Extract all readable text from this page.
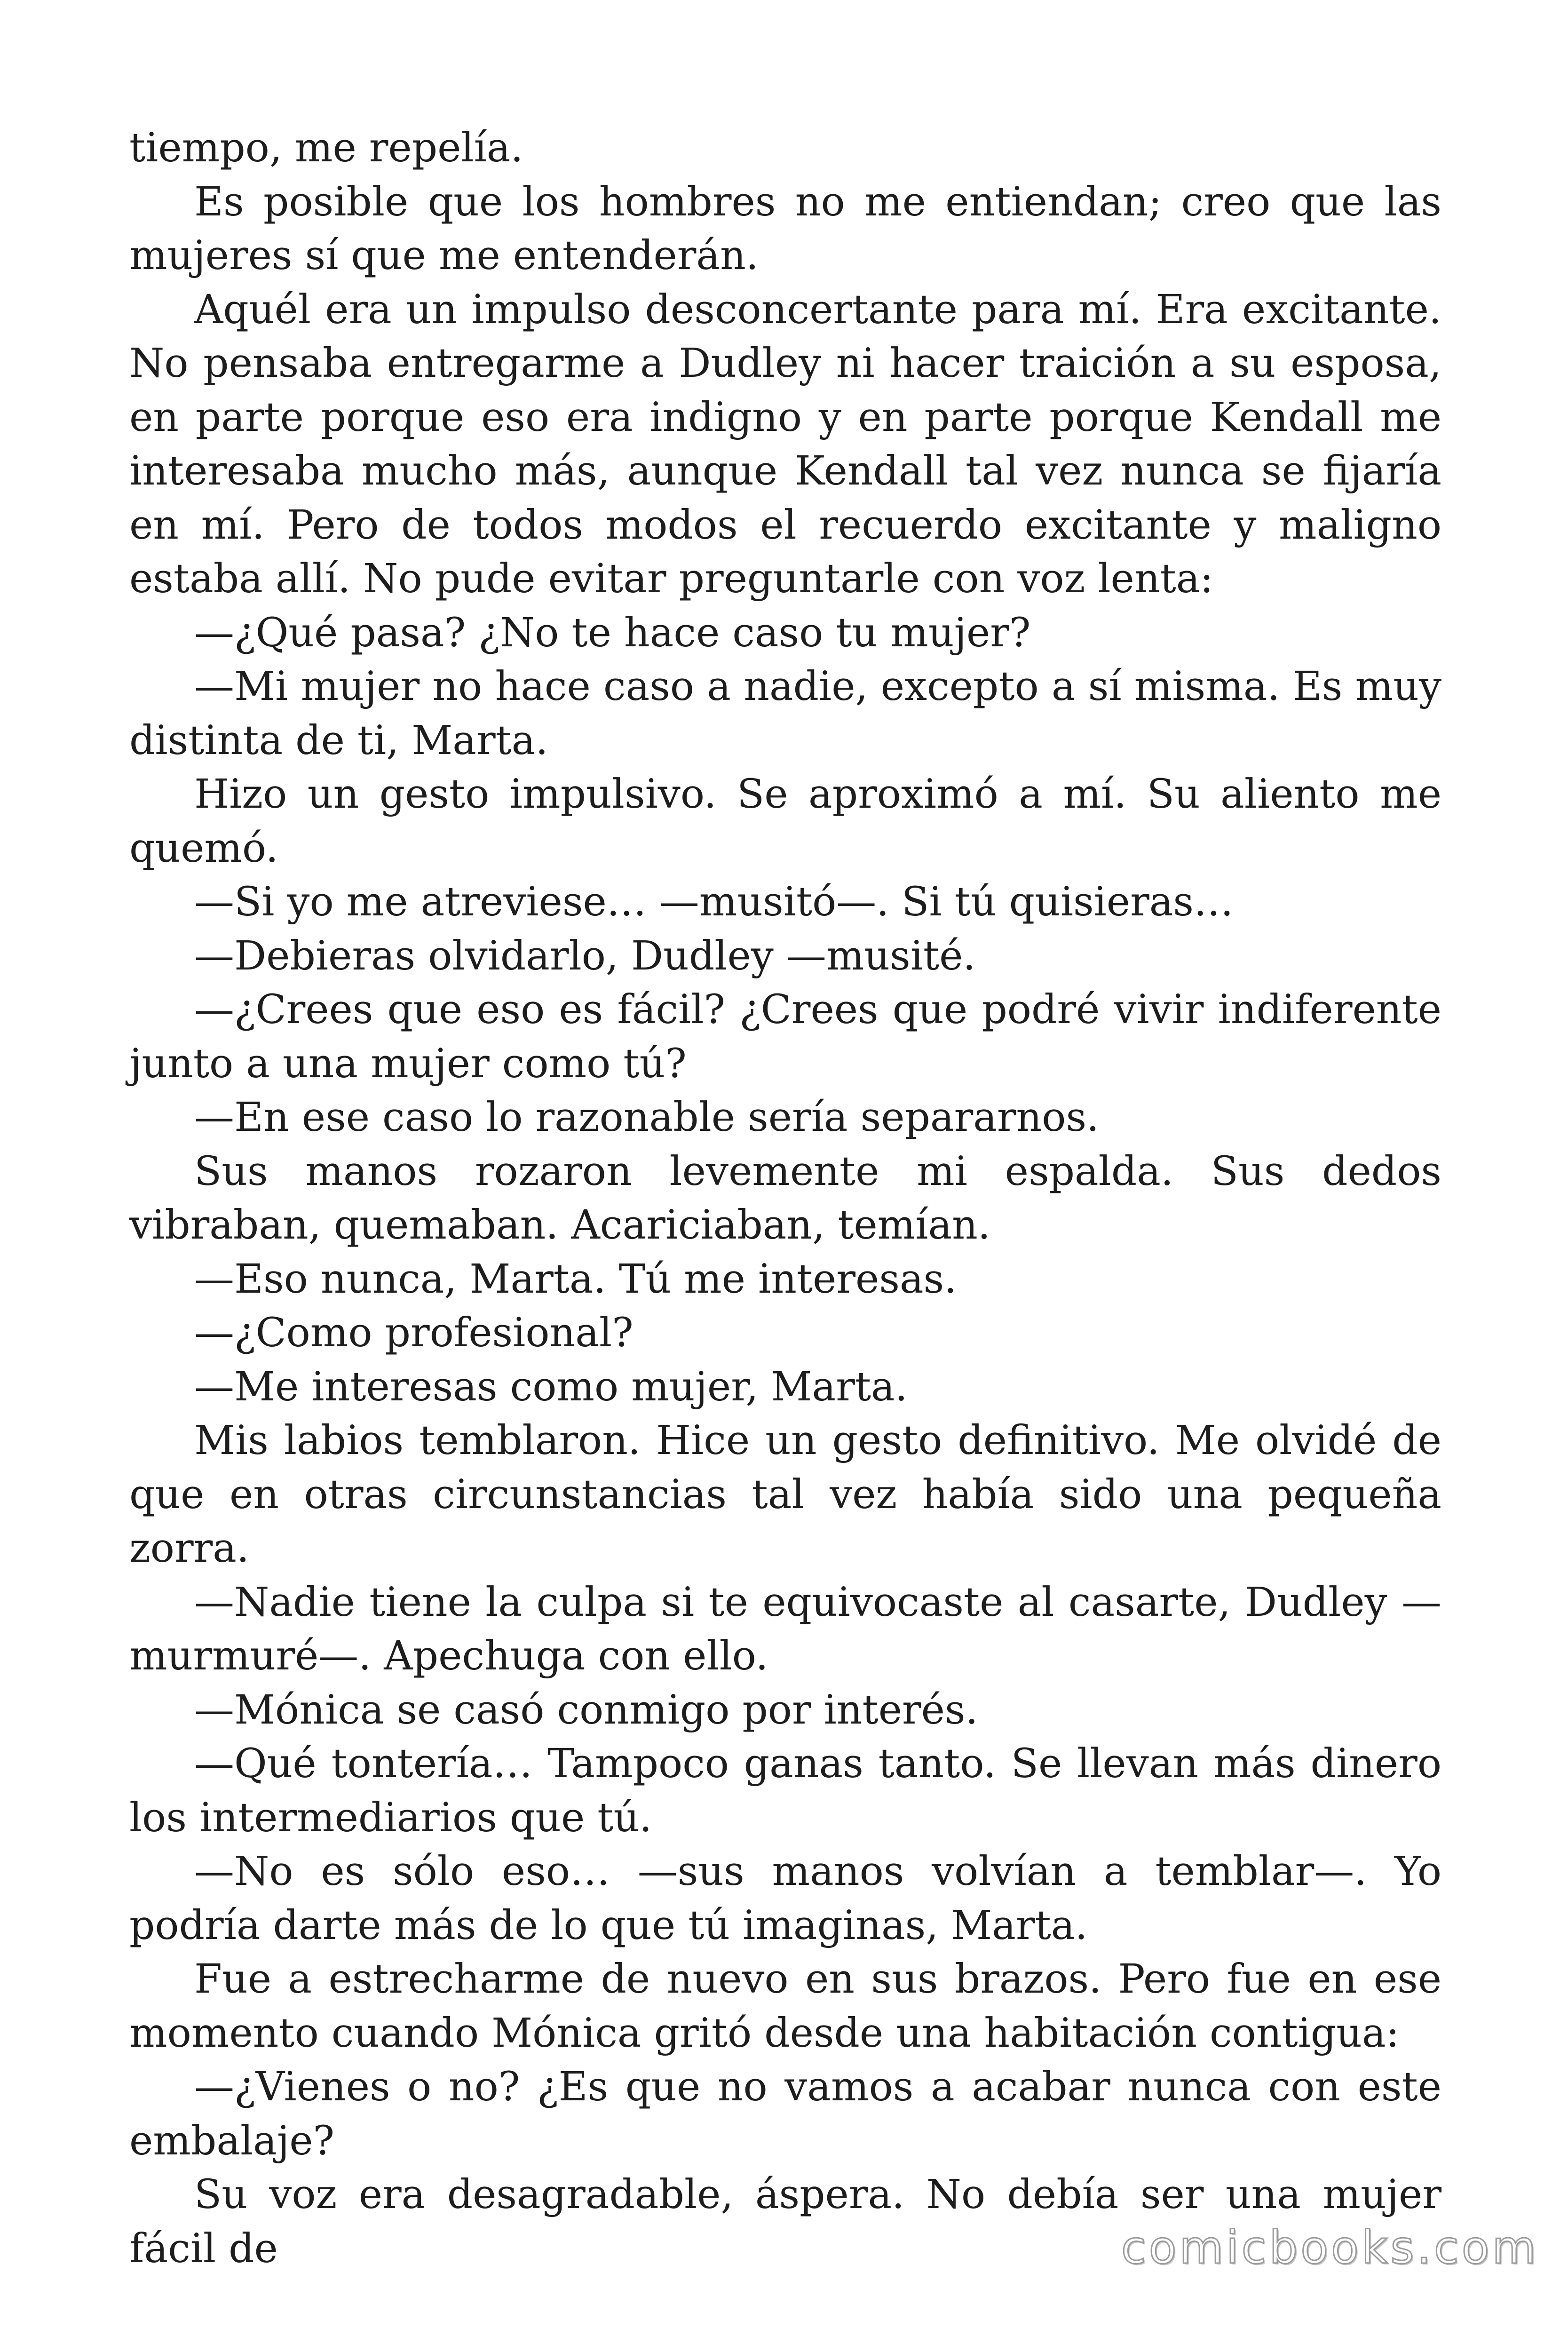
tiempo, me repelía.

Es posible que los hombres no me entiendan; creo que las mujeres sí que me entenderán.

Aquél era un impulso desconcertante para mí. Era excitante. No pensaba entregarme a Dudley ni hacer traición a su esposa, en parte porque eso era indigno y en parte porque Kendall me interesaba mucho más, aunque Kendall tal vez nunca se fijaría en mí. Pero de todos modos el recuerdo excitante y maligno estaba allí. No pude evitar preguntarle con voz lenta:

—¿Qué pasa? ¿No te hace caso tu mujer?

—Mi mujer no hace caso a nadie, excepto a sí misma. Es muy distinta de ti, Marta.

Hizo un gesto impulsivo. Se aproximó a mí. Su aliento me quemó.

—Si yo me atreviese… —musitó—. Si tú quisieras…

—Debieras olvidarlo, Dudley —musité.

—¿Crees que eso es fácil? ¿Crees que podré vivir indiferente junto a una mujer como tú?

—En ese caso lo razonable sería separarnos.

Sus manos rozaron levemente mi espalda. Sus dedos vibraban, quemaban. Acariciaban, temían.

—Eso nunca, Marta. Tú me interesas.

—¿Como profesional?

—Me interesas como mujer, Marta.

Mis labios temblaron. Hice un gesto definitivo. Me olvidé de que en otras circunstancias tal vez había sido una pequeña zorra.

—Nadie tiene la culpa si te equivocaste al casarte, Dudley —murmuré—. Apechuga con ello.

—Mónica se casó conmigo por interés.

—Qué tontería… Tampoco ganas tanto. Se llevan más dinero los intermediarios que tú.

—No es sólo eso… —sus manos volvían a temblar—. Yo podría darte más de lo que tú imaginas, Marta.

Fue a estrecharme de nuevo en sus brazos. Pero fue en ese momento cuando Mónica gritó desde una habitación contigua:

—¿Vienes o no? ¿Es que no vamos a acabar nunca con este embalaje?

Su voz era desagradable, áspera. No debía ser una mujer fácil de	comicbooks.com
